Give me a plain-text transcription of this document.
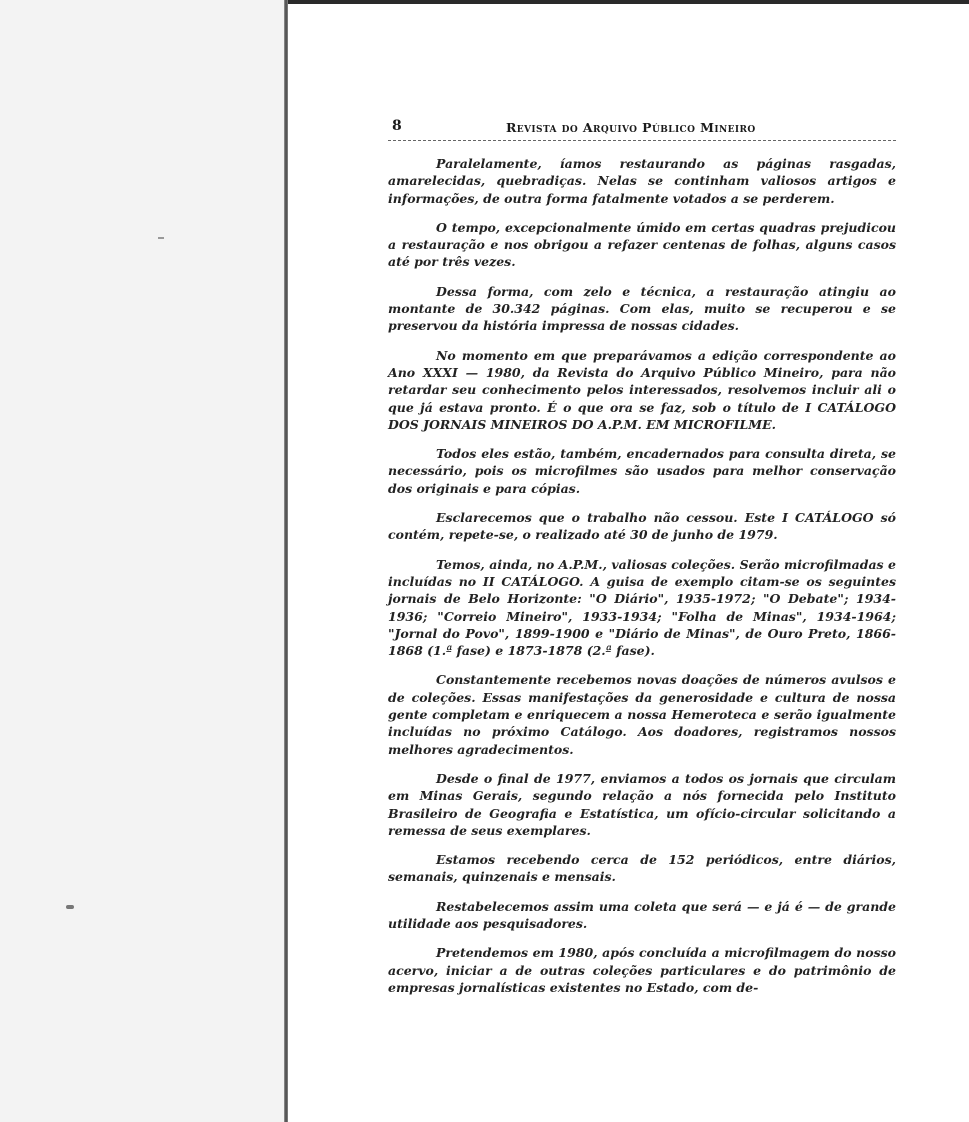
8	Revista do Arquivo Público Mineiro

Paralelamente, íamos restaurando as páginas rasgadas, amarelecidas, quebradiças. Nelas se continham valiosos artigos e informações, de outra forma fatalmente votados a se perderem.

O tempo, excepcionalmente úmido em certas quadras prejudicou a restauração e nos obrigou a refazer centenas de folhas, alguns casos até por três vezes.

Dessa forma, com zelo e técnica, a restauração atingiu ao montante de 30.342 páginas. Com elas, muito se recuperou e se preservou da história impressa de nossas cidades.

No momento em que preparávamos a edição correspondente ao Ano XXXI — 1980, da Revista do Arquivo Público Mineiro, para não retardar seu conhecimento pelos interessados, resolvemos incluir ali o que já estava pronto. É o que ora se faz, sob o título de I CATÁLOGO DOS JORNAIS MINEIROS DO A.P.M. EM MICROFILME.

Todos eles estão, também, encadernados para consulta direta, se necessário, pois os microfilmes são usados para melhor conservação dos originais e para cópias.

Esclarecemos que o trabalho não cessou. Este I CATÁLOGO só contém, repete-se, o realizado até 30 de junho de 1979.

Temos, ainda, no A.P.M., valiosas coleções. Serão microfilmadas e incluídas no II CATÁLOGO. A guisa de exemplo citam-se os seguintes jornais de Belo Horizonte: "O Diário", 1935-1972; "O Debate"; 1934-1936; "Correio Mineiro", 1933-1934; "Folha de Minas", 1934-1964; "Jornal do Povo", 1899-1900 e "Diário de Minas", de Ouro Preto, 1866-1868 (1.ª fase) e 1873-1878 (2.ª fase).

Constantemente recebemos novas doações de números avulsos e de coleções. Essas manifestações da generosidade e cultura de nossa gente completam e enriquecem a nossa Hemeroteca e serão igualmente incluídas no próximo Catálogo. Aos doadores, registramos nossos melhores agradecimentos.

Desde o final de 1977, enviamos a todos os jornais que circulam em Minas Gerais, segundo relação a nós fornecida pelo Instituto Brasileiro de Geografia e Estatística, um ofício-circular solicitando a remessa de seus exemplares.

Estamos recebendo cerca de 152 periódicos, entre diários, semanais, quinzenais e mensais.

Restabelecemos assim uma coleta que será — e já é — de grande utilidade aos pesquisadores.

Pretendemos em 1980, após concluída a microfilmagem do nosso acervo, iniciar a de outras coleções particulares e do patrimônio de empresas jornalísticas existentes no Estado, com de-
